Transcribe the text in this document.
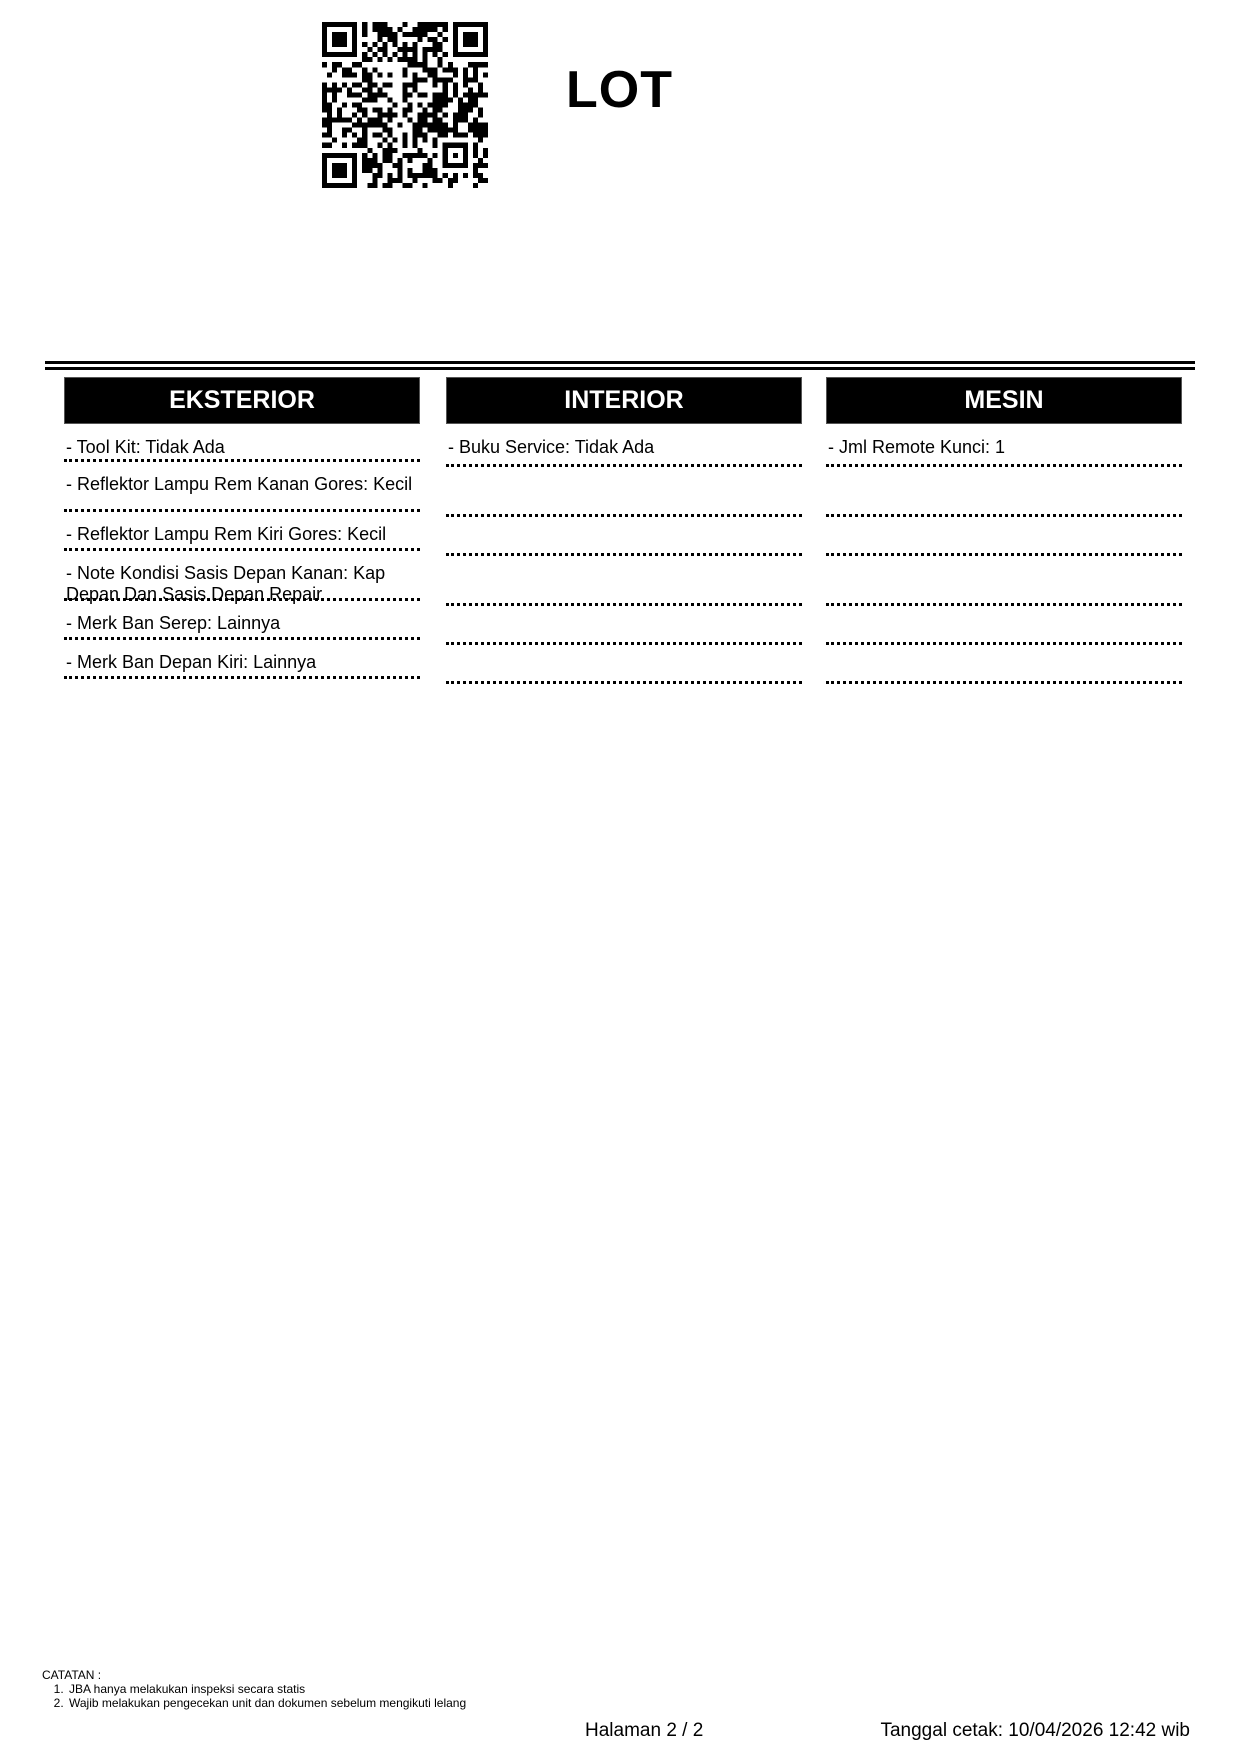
LOT
EKSTERIOR
- Tool Kit: Tidak Ada
- Reflektor Lampu Rem Kanan Gores: Kecil
- Reflektor Lampu Rem Kiri Gores: Kecil
- Note Kondisi Sasis Depan Kanan: Kap Depan Dan Sasis Depan Repair
- Merk Ban Serep: Lainnya
- Merk Ban Depan Kiri: Lainnya
INTERIOR
- Buku Service: Tidak Ada
MESIN
- Jml Remote Kunci: 1
CATATAN :
1. JBA hanya melakukan inspeksi secara statis
2. Wajib melakukan pengecekan unit dan dokumen sebelum mengikuti lelang
Halaman 2 / 2	Tanggal cetak: 10/04/2026 12:42 wib
